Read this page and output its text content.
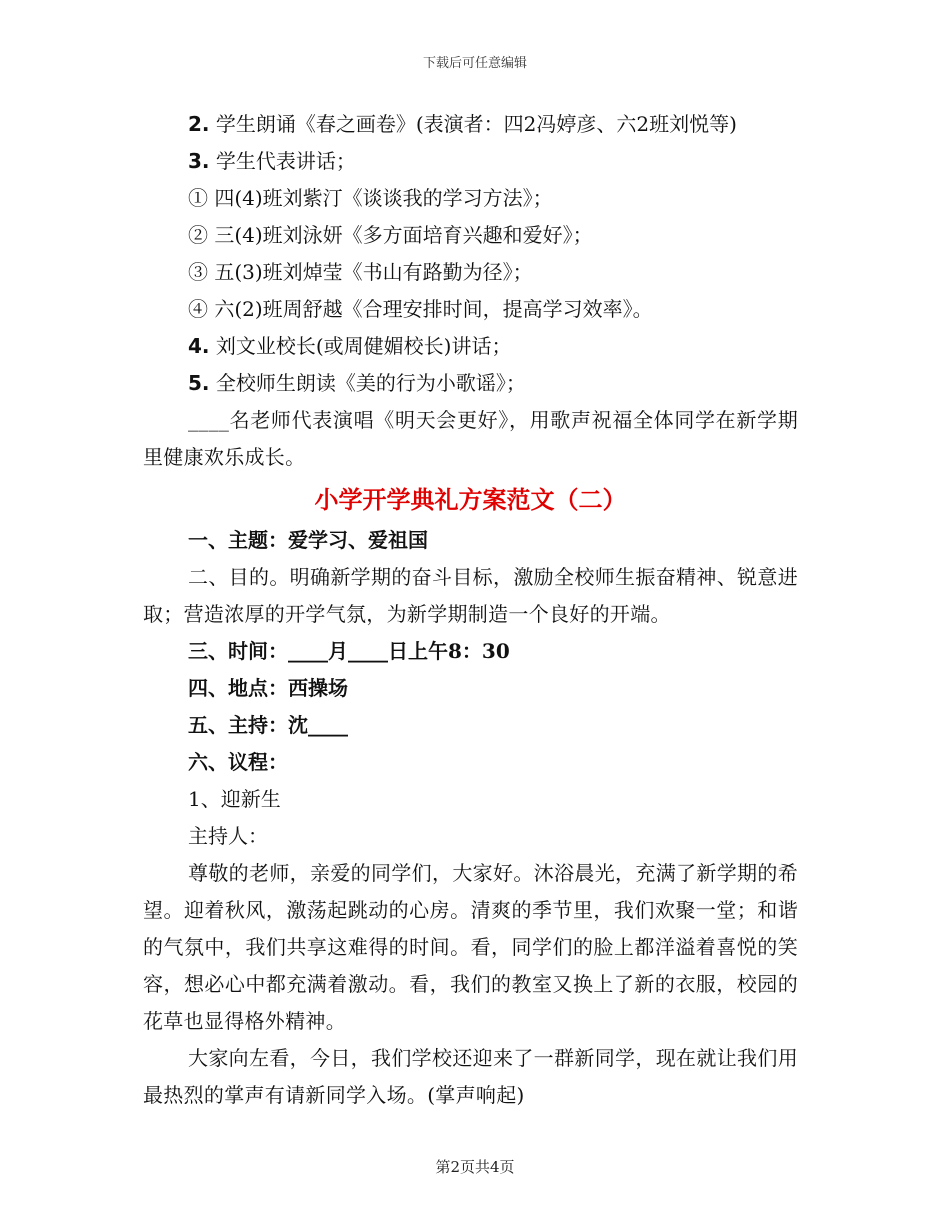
下载后可任意编辑
2. 学生朗诵《春之画卷》(表演者：四2冯婷彦、六2班刘悦等)
3. 学生代表讲话；
① 四(4)班刘紫汀《谈谈我的学习方法》；
② 三(4)班刘泳妍《多方面培育兴趣和爱好》；
③ 五(3)班刘焯莹《书山有路勤为径》；
④ 六(2)班周舒越《合理安排时间，提高学习效率》。
4. 刘文业校长(或周健媚校长)讲话；
5. 全校师生朗读《美的行为小歌谣》；
____名老师代表演唱《明天会更好》，用歌声祝福全体同学在新学期里健康欢乐成长。
小学开学典礼方案范文（二）
一、主题：爱学习、爱祖国
二、目的。明确新学期的奋斗目标，激励全校师生振奋精神、锐意进取；营造浓厚的开学气氛，为新学期制造一个良好的开端。
三、时间：____月____日上午8：30
四、地点：西操场
五、主持：沈____
六、议程：
1、迎新生
主持人：
尊敬的老师，亲爱的同学们，大家好。沐浴晨光，充满了新学期的希望。迎着秋风，激荡起跳动的心房。清爽的季节里，我们欢聚一堂；和谐的气氛中，我们共享这难得的时间。看，同学们的脸上都洋溢着喜悦的笑容，想必心中都充满着激动。看，我们的教室又换上了新的衣服，校园的花草也显得格外精神。
大家向左看，今日，我们学校还迎来了一群新同学，现在就让我们用最热烈的掌声有请新同学入场。(掌声响起)
第2页共4页
